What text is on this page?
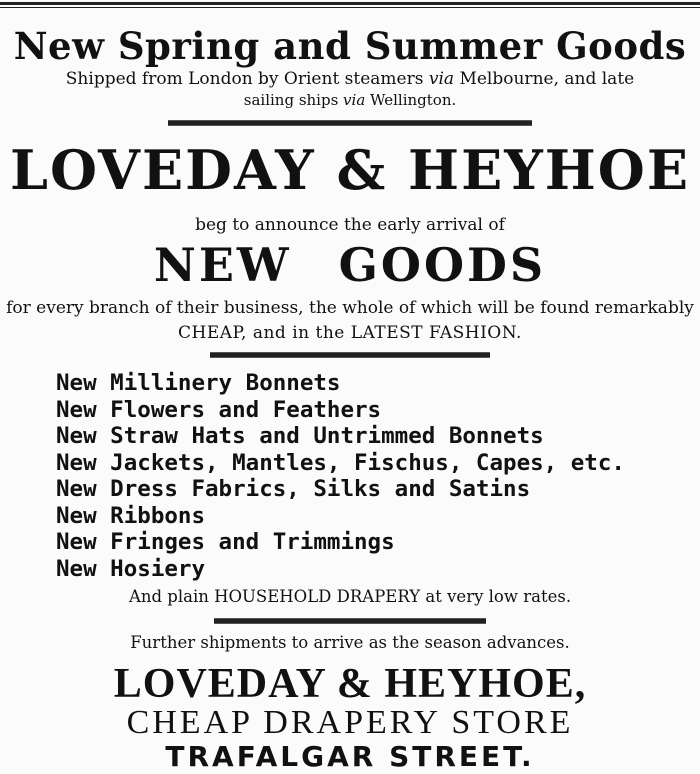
New Spring and Summer Goods
Shipped from London by Orient steamers via Melbourne, and late
sailing ships via Wellington.
LOVEDAY & HEYHOE
beg to announce the early arrival of
NEW GOODS
for every branch of their business, the whole of which will be found remarkably
CHEAP, and in the LATEST FASHION.
New Millinery Bonnets
New Flowers and Feathers
New Straw Hats and Untrimmed Bonnets
New Jackets, Mantles, Fischus, Capes, etc.
New Dress Fabrics, Silks and Satins
New Ribbons
New Fringes and Trimmings
New Hosiery
And plain HOUSEHOLD DRAPERY at very low rates.
Further shipments to arrive as the season advances.
LOVEDAY & HEYHOE,
CHEAP DRAPERY STORE
TRAFALGAR STREET.
